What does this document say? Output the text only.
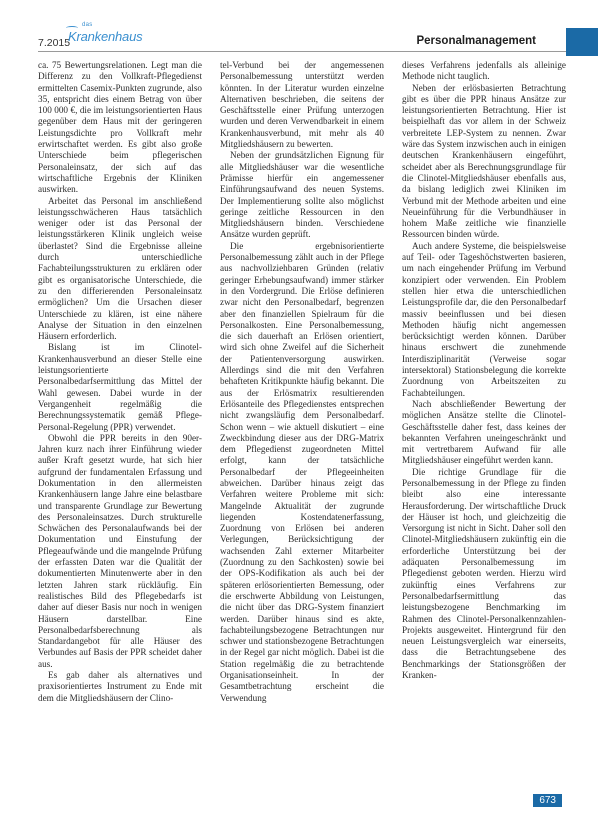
7.2015
das
Krankenhaus	Personalmanagement

ca. 75 Bewertungsrelationen. Legt man die Differenz zu den Vollkraft-Pflegedienst ermittelten Casemix-Punkten zugrunde, also 35, entspricht dies einem Betrag von über 100 000 €, die im leistungsorientierten Haus gegenüber dem Haus mit der geringeren Leistungsdichte pro Vollkraft mehr erwirtschaftet werden. Es gibt also große Unterschiede beim pflegerischen Personaleinsatz, der sich auf das wirtschaftliche Ergebnis der Kliniken auswirken.

Arbeitet das Personal im anschließend leistungsschwächeren Haus tatsächlich weniger oder ist das Personal der leistungsstärkeren Klinik ungleich weise überlastet? Sind die Ergebnisse alleine durch unterschiedliche Fachabteilungsstrukturen zu erklären oder gibt es organisatorische Unterschiede, die zu den differierenden Personaleinsatz ermöglichen? Um die Ursachen dieser Unterschiede zu klären, ist eine nähere Analyse der Situation in den einzelnen Häusern erforderlich.

Bislang ist im Clinotel-Krankenhausverbund an dieser Stelle eine leistungsorientierte Personalbedarfsermittlung das Mittel der Wahl gewesen. Dabei wurde in der Vergangenheit regelmäßig die Berechnungssystematik gemäß Pflege-Personal-Regelung (PPR) verwendet.

Obwohl die PPR bereits in den 90er-Jahren kurz nach ihrer Einführung wieder außer Kraft gesetzt wurde, hat sich hier aufgrund der fundamentalen Erfassung und Dokumentation in den allermeisten Krankenhäusern lange Jahre eine belastbare und transparente Grundlage zur Bewertung des Personaleinsatzes. Durch strukturelle Schwächen des Personalaufwands bei der Dokumentation und Einstufung der Pflegeaufwände und die mangelnde Prüfung der erfassten Daten war die Qualität der dokumentierten Minutenwerte aber in den letzten Jahren stark rückläufig. Ein realistisches Bild des Pflegebedarfs ist daher auf dieser Basis nur noch in wenigen Häusern darstellbar. Eine Personalbedarfsberechnung als Standardangebot für alle Häuser des Verbundes auf Basis der PPR scheidet daher aus.

Es gab daher als alternatives und praxisorientiertes Instrument zu Ende mit dem die Mitgliedshäusern der Clino-

tel-Verbund bei der angemessenen Personalbemessung unterstützt werden könnten. In der Literatur wurden einzelne Alternativen beschrieben, die seitens der Geschäftsstelle einer Prüfung unterzogen wurden und deren Verwendbarkeit in einem Krankenhausverbund, mit mehr als 40 Mitgliedshäusern zu bewerten.

Neben der grundsätzlichen Eignung für alle Mitgliedshäuser war die wesentliche Prämisse hierfür ein angemessener Einführungsaufwand des neuen Systems. Der Implementierung sollte also möglichst geringe zeitliche Ressourcen in den Mitgliedshäusern binden. Verschiedene Ansätze wurden geprüft.

Die ergebnisorientierte Personalbemessung zählt auch in der Pflege aus nachvollziehbaren Gründen (relativ geringer Erhebungsaufwand) immer stärker in den Vordergrund. Die Erlöse definieren zwar nicht den Personalbedarf, begrenzen aber den finanziellen Spielraum für die Personalkosten. Eine Personalbemessung, die sich dauerhaft an Erlösen orientiert, wird sich ohne Zweifel auf die Sicherheit der Patientenversorgung auswirken. Allerdings sind die mit den Verfahren behafteten Kritikpunkte häufig bekannt. Die aus der Erlösmatrix resultierenden Erlösanteile des Pflegedienstes entsprechen nicht zwangsläufig dem Personalbedarf. Schon wenn – wie aktuell diskutiert – eine Zweckbindung dieser aus der DRG-Matrix dem Pflegedienst zugeordneten Mittel erfolgt, kann der tatsächliche Personalbedarf der Pflegeeinheiten abweichen. Darüber hinaus zeigt das Verfahren weitere Probleme mit sich: Mangelnde Aktualität der zugrunde liegenden Kostendatenerfassung, Zuordnung von Erlösen bei anderen Verlegungen, Berücksichtigung der wachsenden Zahl externer Mitarbeiter (Zuordnung zu den Sachkosten) sowie bei der OPS-Kodifikation als auch bei der späteren erlösorientierten Bemessung, oder die erschwerte Abbildung von Leistungen, die nicht über das DRG-System finanziert werden. Darüber hinaus sind es akte, fachabteilungsbezogene Betrachtungen nur schwer und stationsbezogene Betrachtungen in der Regel gar nicht möglich. Dabei ist die Station regelmäßig die zu betrachtende Organisationseinheit. In der Gesamtbetrachtung erscheint die Verwendung

dieses Verfahrens jedenfalls als alleinige Methode nicht tauglich.

Neben der erlösbasierten Betrachtung gibt es über die PPR hinaus Ansätze zur leistungsorientierten Betrachtung. Hier ist beispielhaft das vor allem in der Schweiz verbreitete LEP-System zu nennen. Zwar wäre das System inzwischen auch in einigen deutschen Krankenhäusern eingeführt, scheidet aber als Berechnungsgrundlage für die Clinotel-Mitgliedshäuser ebenfalls aus, da bislang lediglich zwei Kliniken im Verbund mit der Methode arbeiten und eine Neueinführung für die Verbundhäuser in hohem Maße zeitliche wie finanzielle Ressourcen binden würde.

Auch andere Systeme, die beispielsweise auf Teil- oder Tageshöchstwerten basieren, um nach eingehender Prüfung im Verbund konzipiert oder verwenden. Ein Problem stellen hier etwa die unterschiedlichen Leistungsprofile dar, die den Personalbedarf massiv beeinflussen und bei diesen Methoden häufig nicht angemessen berücksichtigt werden können. Darüber hinaus erschwert die zunehmende Interdisziplinarität (Verweise sogar intersektoral) Stationsbelegung die korrekte Zuordnung von Arbeitszeiten zu Fachabteilungen.

Nach abschließender Bewertung der möglichen Ansätze stellte die Clinotel-Geschäftsstelle daher fest, dass keines der bekannten Verfahren uneingeschränkt und mit vertretbarem Aufwand für alle Mitgliedshäuser eingeführt werden kann.

Die richtige Grundlage für die Personalbemessung in der Pflege zu finden bleibt also eine interessante Herausforderung. Der wirtschaftliche Druck der Häuser ist hoch, und gleichzeitig die Versorgung ist nicht in Sicht. Daher soll den Clinotel-Mitgliedshäusern zukünftig ein die erforderliche Unterstützung bei der adäquaten Personalbemessung im Pflegedienst geboten werden. Hierzu wird zukünftig eines Verfahrens zur Personalbedarfsermittlung das leistungsbezogene Benchmarking im Rahmen des Clinotel-Personalkennzahlen-Projekts ausgeweitet. Hintergrund für den neuen Leistungsvergleich war einerseits, dass die Betrachtungsebene des Benchmarkings der Stationsgrößen der Kranken-

673
